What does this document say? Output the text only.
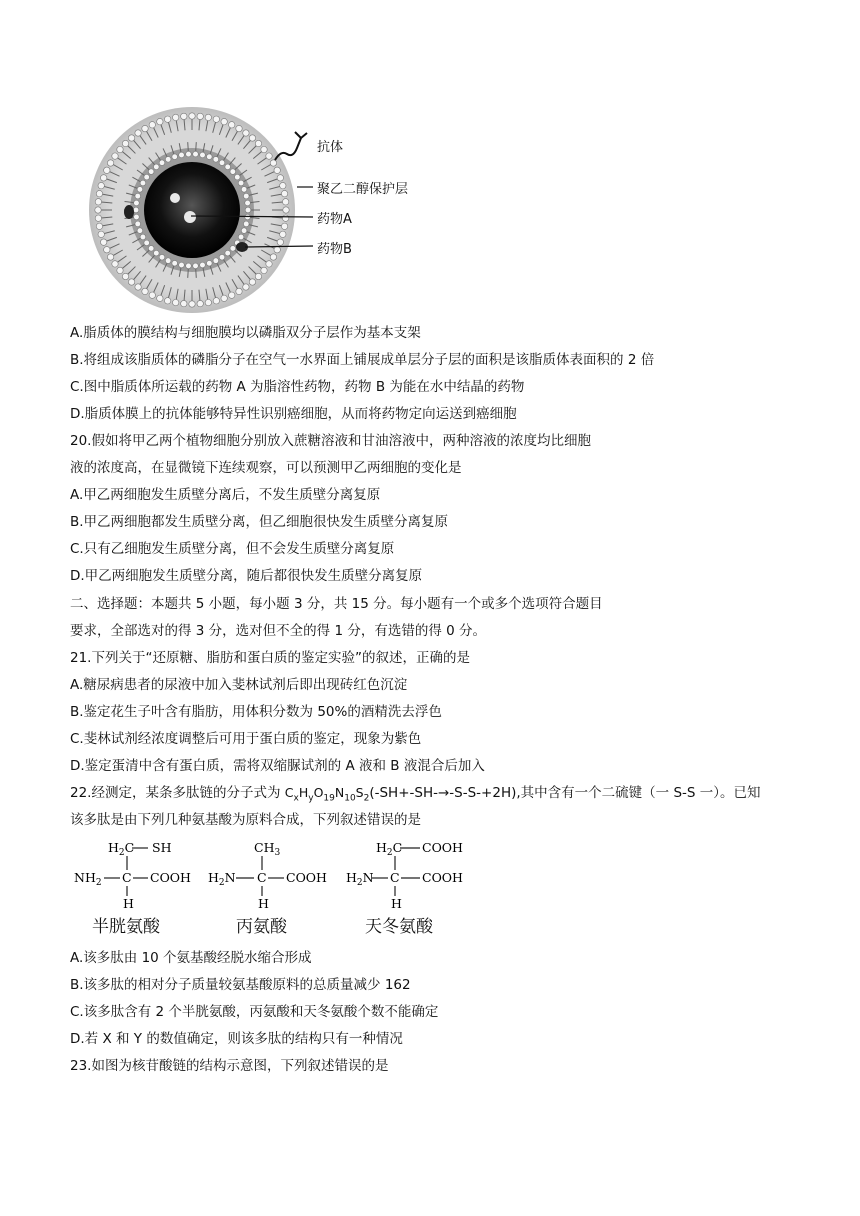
抗体
聚乙二醇保护层
药物A
药物B
A.脂质体的膜结构与细胞膜均以磷脂双分子层作为基本支架
B.将组成该脂质体的磷脂分子在空气一水界面上铺展成单层分子层的面积是该脂质体表面积的 2 倍
C.图中脂质体所运载的药物 A 为脂溶性药物，药物 B 为能在水中结晶的药物
D.脂质体膜上的抗体能够特异性识别癌细胞，从而将药物定向运送到癌细胞
20.假如将甲乙两个植物细胞分别放入蔗糖溶液和甘油溶液中，两种溶液的浓度均比细胞
液的浓度高，在显微镜下连续观察，可以预测甲乙两细胞的变化是
A.甲乙两细胞发生质壁分离后，不发生质壁分离复原
B.甲乙两细胞都发生质壁分离，但乙细胞很快发生质壁分离复原
C.只有乙细胞发生质壁分离，但不会发生质壁分离复原
D.甲乙两细胞发生质壁分离，随后都很快发生质壁分离复原
二、选择题：本题共 5 小题，每小题 3 分，共 15 分。每小题有一个或多个选项符合题目
要求，全部选对的得 3 分，选对但不全的得 1 分，有选错的得 0 分。
21.下列关于“还原糖、脂肪和蛋白质的鉴定实验”的叙述，正确的是
A.糖尿病患者的尿液中加入斐林试剂后即出现砖红色沉淀
B.鉴定花生子叶含有脂肪，用体积分数为 50%的酒精洗去浮色
C.斐林试剂经浓度调整后可用于蛋白质的鉴定，现象为紫色
D.鉴定蛋清中含有蛋白质，需将双缩脲试剂的 A 液和 B 液混合后加入
22.经测定，某条多肽链的分子式为 $C_xH_yO_{19}N_{10}S_2(-SH+-SH-\to-S-S-+2H)$,其中含有一个二硫键（一 S-S 一）。已知
该多肽是由下列几种氨基酸为原料合成，下列叙述错误的是
$H_2C$ SH
$NH_2$ C COOH
H
$CH_3$
$H_2N$ C COOH
H
$H_2C$ COOH
$H_2N$ C COOH
H
半胱氨酸	丙氨酸	天冬氨酸
A.该多肽由 10 个氨基酸经脱水缩合形成
B.该多肽的相对分子质量较氨基酸原料的总质量减少 162
C.该多肽含有 2 个半胱氨酸，丙氨酸和天冬氨酸个数不能确定
D.若 X 和 Y 的数值确定，则该多肽的结构只有一种情况
23.如图为核苷酸链的结构示意图，下列叙述错误的是
